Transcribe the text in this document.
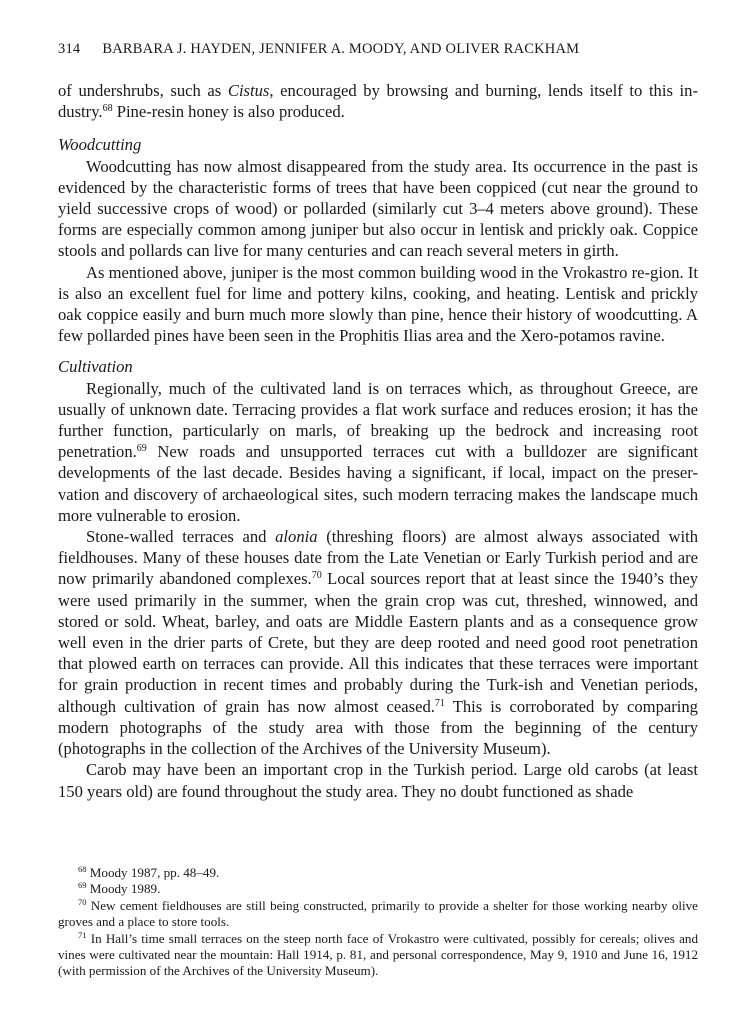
314 BARBARA J. HAYDEN, JENNIFER A. MOODY, AND OLIVER RACKHAM

of undershrubs, such as Cistus, encouraged by browsing and burning, lends itself to this in-dustry.$^{68}$ Pine-resin honey is also produced.

Woodcutting

Woodcutting has now almost disappeared from the study area. Its occurrence in the past is evidenced by the characteristic forms of trees that have been coppiced (cut near the ground to yield successive crops of wood) or pollarded (similarly cut 3–4 meters above ground). These forms are especially common among juniper but also occur in lentisk and prickly oak. Coppice stools and pollards can live for many centuries and can reach several meters in girth.

As mentioned above, juniper is the most common building wood in the Vrokastro re-gion. It is also an excellent fuel for lime and pottery kilns, cooking, and heating. Lentisk and prickly oak coppice easily and burn much more slowly than pine, hence their history of woodcutting. A few pollarded pines have been seen in the Prophitis Ilias area and the Xero-potamos ravine.

Cultivation

Regionally, much of the cultivated land is on terraces which, as throughout Greece, are usually of unknown date. Terracing provides a flat work surface and reduces erosion; it has the further function, particularly on marls, of breaking up the bedrock and increasing root penetration.$^{69}$ New roads and unsupported terraces cut with a bulldozer are significant developments of the last decade. Besides having a significant, if local, impact on the preser-vation and discovery of archaeological sites, such modern terracing makes the landscape much more vulnerable to erosion.

Stone-walled terraces and alonia (threshing floors) are almost always associated with fieldhouses. Many of these houses date from the Late Venetian or Early Turkish period and are now primarily abandoned complexes.$^{70}$ Local sources report that at least since the 1940’s they were used primarily in the summer, when the grain crop was cut, threshed, winnowed, and stored or sold. Wheat, barley, and oats are Middle Eastern plants and as a consequence grow well even in the drier parts of Crete, but they are deep rooted and need good root penetration that plowed earth on terraces can provide. All this indicates that these terraces were important for grain production in recent times and probably during the Turk-ish and Venetian periods, although cultivation of grain has now almost ceased.$^{71}$ This is corroborated by comparing modern photographs of the study area with those from the beginning of the century (photographs in the collection of the Archives of the University Museum).

Carob may have been an important crop in the Turkish period. Large old carobs (at least 150 years old) are found throughout the study area. They no doubt functioned as shade

$^{68}$ Moody 1987, pp. 48–49.

$^{69}$ Moody 1989.

$^{70}$ New cement fieldhouses are still being constructed, primarily to provide a shelter for those working nearby olive groves and a place to store tools.

$^{71}$ In Hall’s time small terraces on the steep north face of Vrokastro were cultivated, possibly for cereals; olives and vines were cultivated near the mountain: Hall 1914, p. 81, and personal correspondence, May 9, 1910 and June 16, 1912 (with permission of the Archives of the University Museum).
